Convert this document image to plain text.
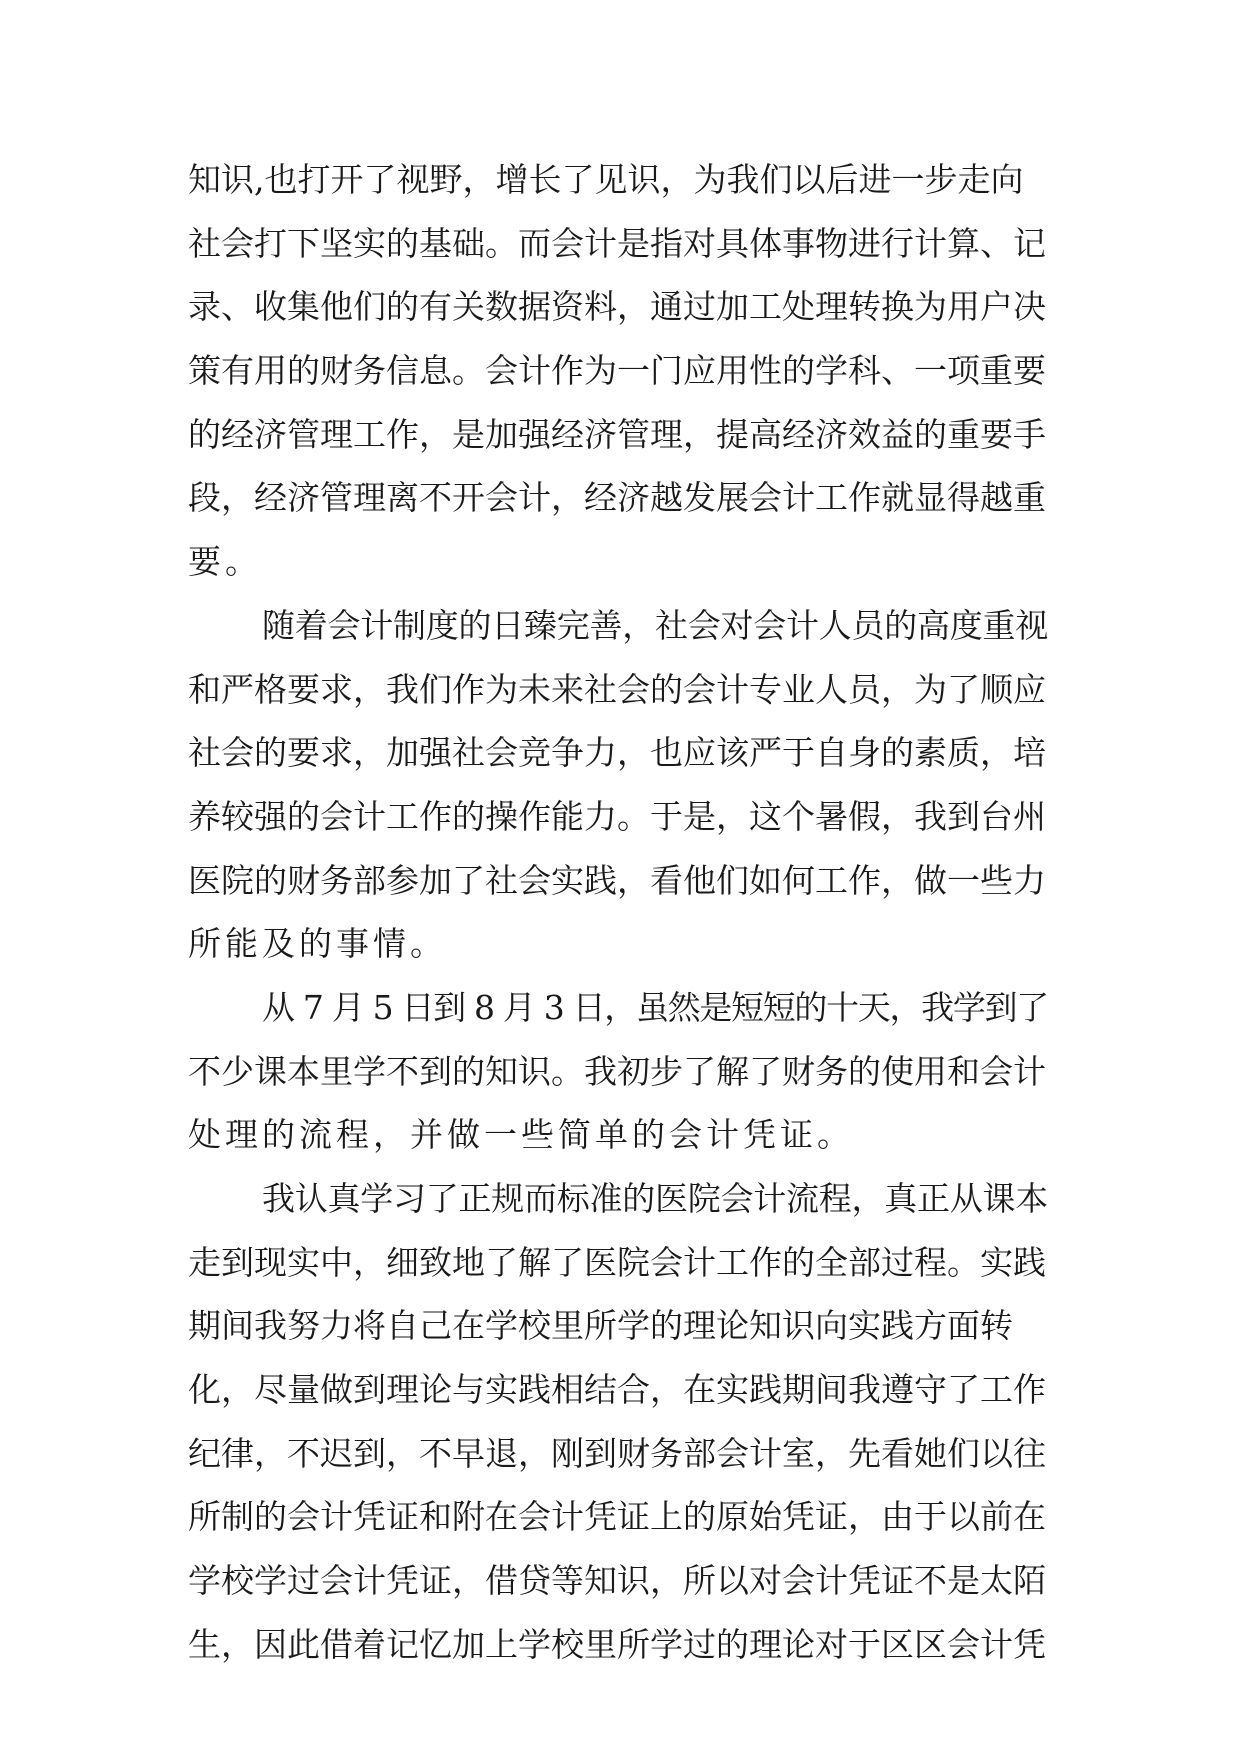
知识,也打开了视野，增长了见识，为我们以后进一步走向
社会打下坚实的基础。而会计是指对具体事物进行计算、记
录、收集他们的有关数据资料，通过加工处理转换为用户决
策有用的财务信息。会计作为一门应用性的学科、一项重要
的经济管理工作，是加强经济管理，提高经济效益的重要手
段，经济管理离不开会计，经济越发展会计工作就显得越重
要。
随着会计制度的日臻完善，社会对会计人员的高度重视
和严格要求，我们作为未来社会的会计专业人员，为了顺应
社会的要求，加强社会竞争力，也应该严于自身的素质，培
养较强的会计工作的操作能力。于是，这个暑假，我到台州
医院的财务部参加了社会实践，看他们如何工作，做一些力
所能及的事情。
从 7 月 5 日到 8 月 3 日，虽然是短短的十天，我学到了
不少课本里学不到的知识。我初步了解了财务的使用和会计
处理的流程，并做一些简单的会计凭证。
我认真学习了正规而标准的医院会计流程，真正从课本
走到现实中，细致地了解了医院会计工作的全部过程。实践
期间我努力将自己在学校里所学的理论知识向实践方面转
化，尽量做到理论与实践相结合，在实践期间我遵守了工作
纪律，不迟到，不早退，刚到财务部会计室，先看她们以往
所制的会计凭证和附在会计凭证上的原始凭证，由于以前在
学校学过会计凭证，借贷等知识，所以对会计凭证不是太陌
生，因此借着记忆加上学校里所学过的理论对于区区会计凭
